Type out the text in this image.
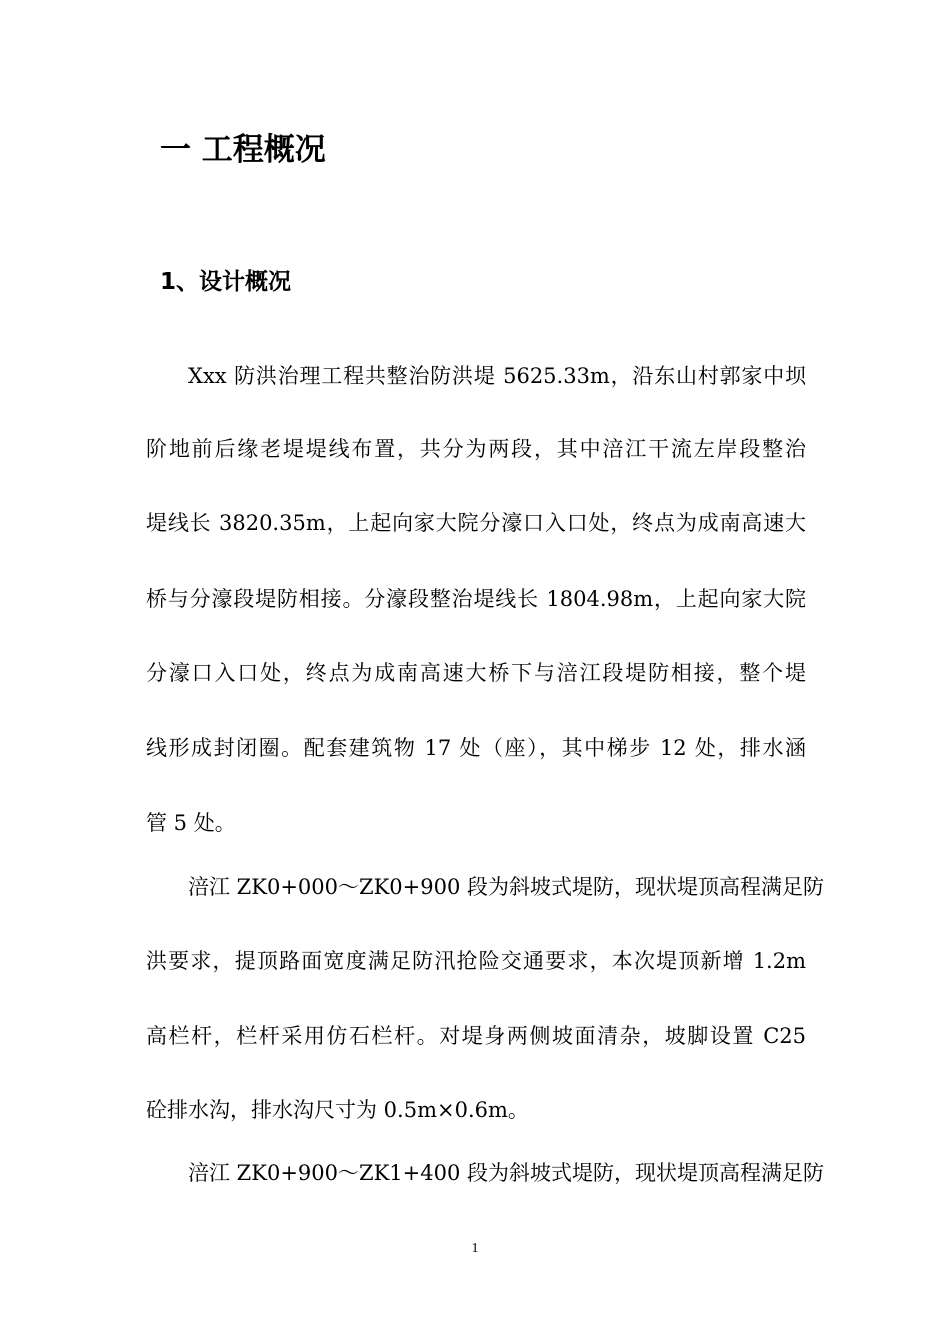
一 工程概况
1、设计概况
Xxx 防洪治理工程共整治防洪堤 5625.33m，沿东山村郭家中坝
阶地前后缘老堤堤线布置，共分为两段，其中涪江干流左岸段整治
堤线长 3820.35m，上起向家大院分濠口入口处，终点为成南高速大
桥与分濠段堤防相接。分濠段整治堤线长 1804.98m，上起向家大院
分濠口入口处，终点为成南高速大桥下与涪江段堤防相接，整个堤
线形成封闭圈。配套建筑物 17 处（座），其中梯步 12 处，排水涵
管 5 处。
涪江 ZK0+000～ZK0+900 段为斜坡式堤防，现状堤顶高程满足防
洪要求，提顶路面宽度满足防汛抢险交通要求，本次堤顶新增 1.2m
高栏杆，栏杆采用仿石栏杆。对堤身两侧坡面清杂，坡脚设置 C25
砼排水沟，排水沟尺寸为 0.5m×0.6m。
涪江 ZK0+900～ZK1+400 段为斜坡式堤防，现状堤顶高程满足防
1
